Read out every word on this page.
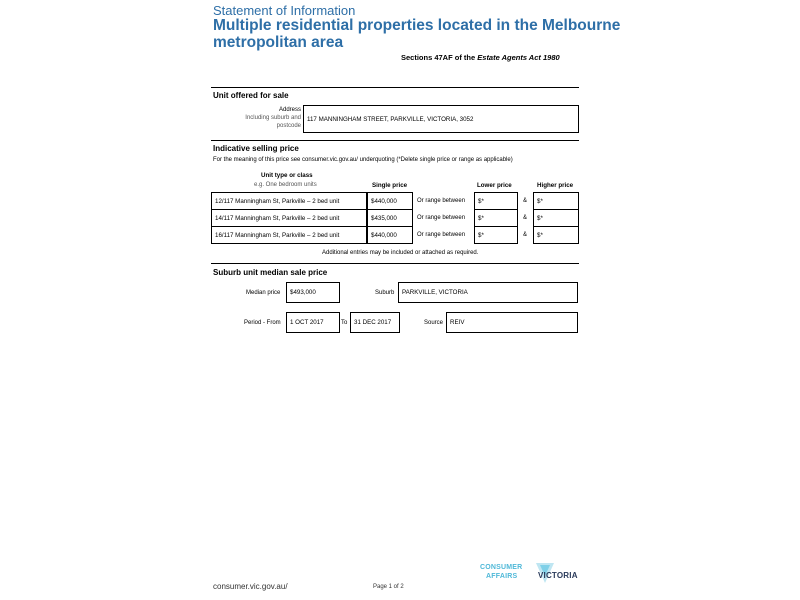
Statement of Information
Multiple residential properties located in the Melbourne metropolitan area
Sections 47AF of the Estate Agents Act 1980
Unit offered for sale
Address
Including suburb and
postcode
117 MANNINGHAM STREET, PARKVILLE, VICTORIA, 3052
Indicative selling price
For the meaning of this price see consumer.vic.gov.au/ underquoting (*Delete single price or range as applicable)
Unit type or class
e.g. One bedroom units	Single price	Lower price	Higher price
12/117 Manningham St, Parkville – 2 bed unit	$440,000	Or range between	$*	&	$*
14/117 Manningham St, Parkville – 2 bed unit	$435,000	Or range between	$*	&	$*
16/117 Manningham St, Parkville – 2 bed unit	$440,000	Or range between	$*	&	$*
Additional entries may be included or attached as required.
Suburb unit median sale price
Median price	$493,000	Suburb	PARKVILLE, VICTORIA
Period - From	1 OCT 2017	To	31 DEC 2017	Source	REIV
consumer.vic.gov.au/	Page 1 of 2
CONSUMER
AFFAIRS	VICTORIA
